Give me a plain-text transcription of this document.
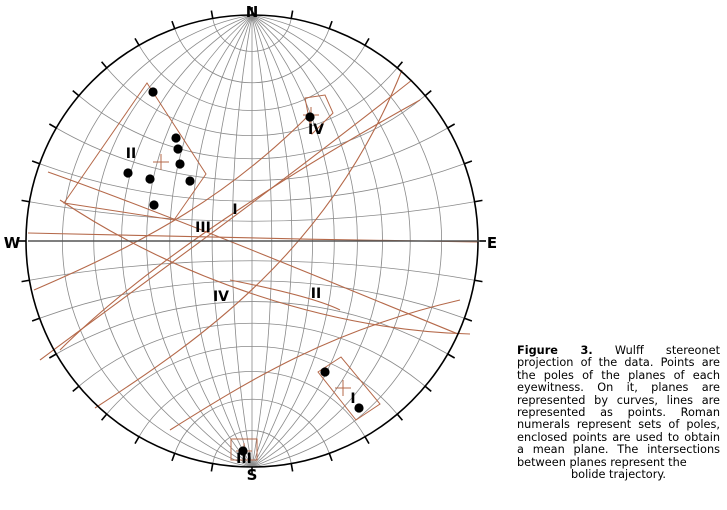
N
S
W	E
I
III
II
IV
IV	II
I
III
Figure 3. Wulff stereonet projection of the data. Points are the poles of the planes of each eyewitness. On it, planes are represented by curves, lines are represented as points. Roman numerals represent sets of poles, enclosed points are used to obtain a mean plane. The intersections between planes represent the
bolide trajectory.
